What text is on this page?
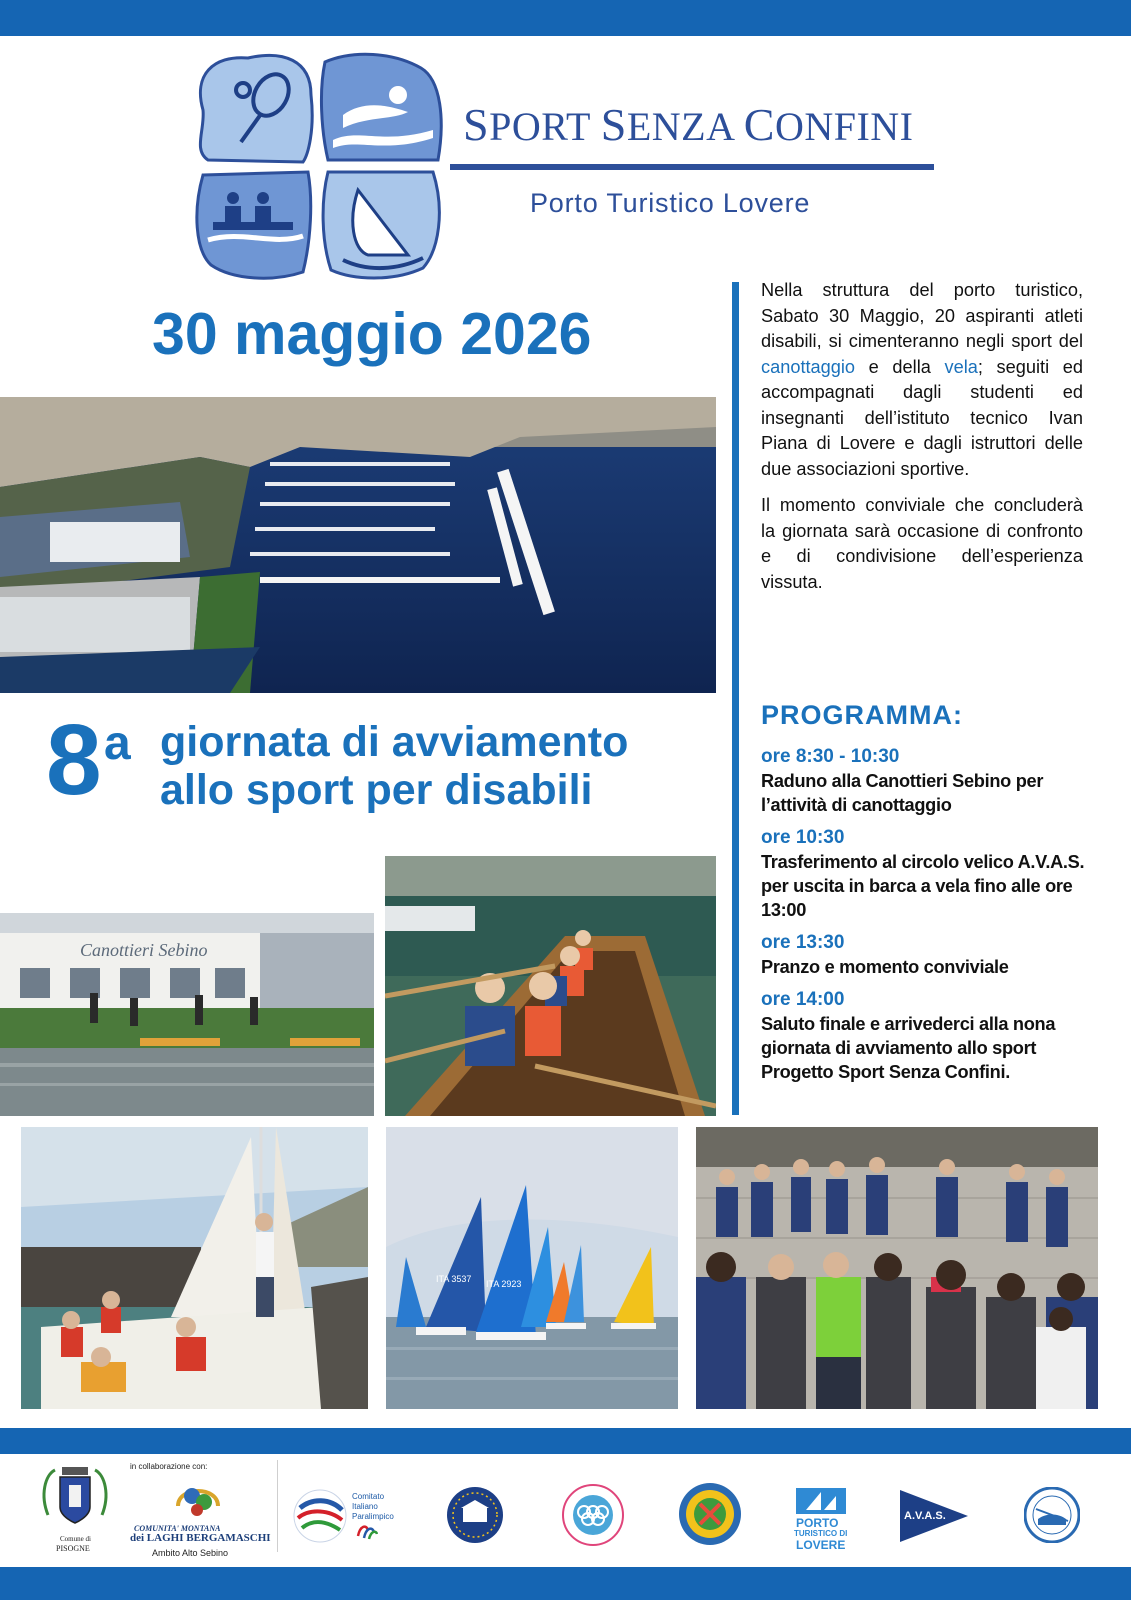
SPORT SENZA CONFINI
Porto Turistico Lovere
30 maggio 2026

Nella struttura del porto turistico, Sabato 30 Maggio, 20 aspiranti atleti disabili, si cimenteranno negli sport del canottaggio e della vela; seguiti ed accompagnati dagli studenti ed insegnanti dell’istituto tecnico Ivan Piana di Lovere e dagli istruttori delle due associazioni sportive.

Il momento conviviale che concluderà la giornata sarà occasione di confronto e di condivisione dell’esperienza vissuta.

PROGRAMMA:
ore 8:30 - 10:30
Raduno alla Canottieri Sebino per l’attività di canottaggio
ore 10:30
Trasferimento al circolo velico A.V.A.S. per uscita in barca a vela fino alle ore 13:00
ore 13:30
Pranzo e momento conviviale
ore 14:00
Saluto finale e arrivederci alla nona giornata di avviamento allo sport Progetto Sport Senza Confini.
8 a giornata di avviamento
allo sport per disabili
Canottieri Sebino
ITA 3537 ITA 2923
Comune di
PISOGNE
in collaborazione con:
COMUNITA' MONTANA
dei LAGHI BERGAMASCHI
Ambito Alto Sebino
Comitato
Italiano
Paralimpico	PORTO
TURISTICO DI
LOVERE
A.V.A.S.
